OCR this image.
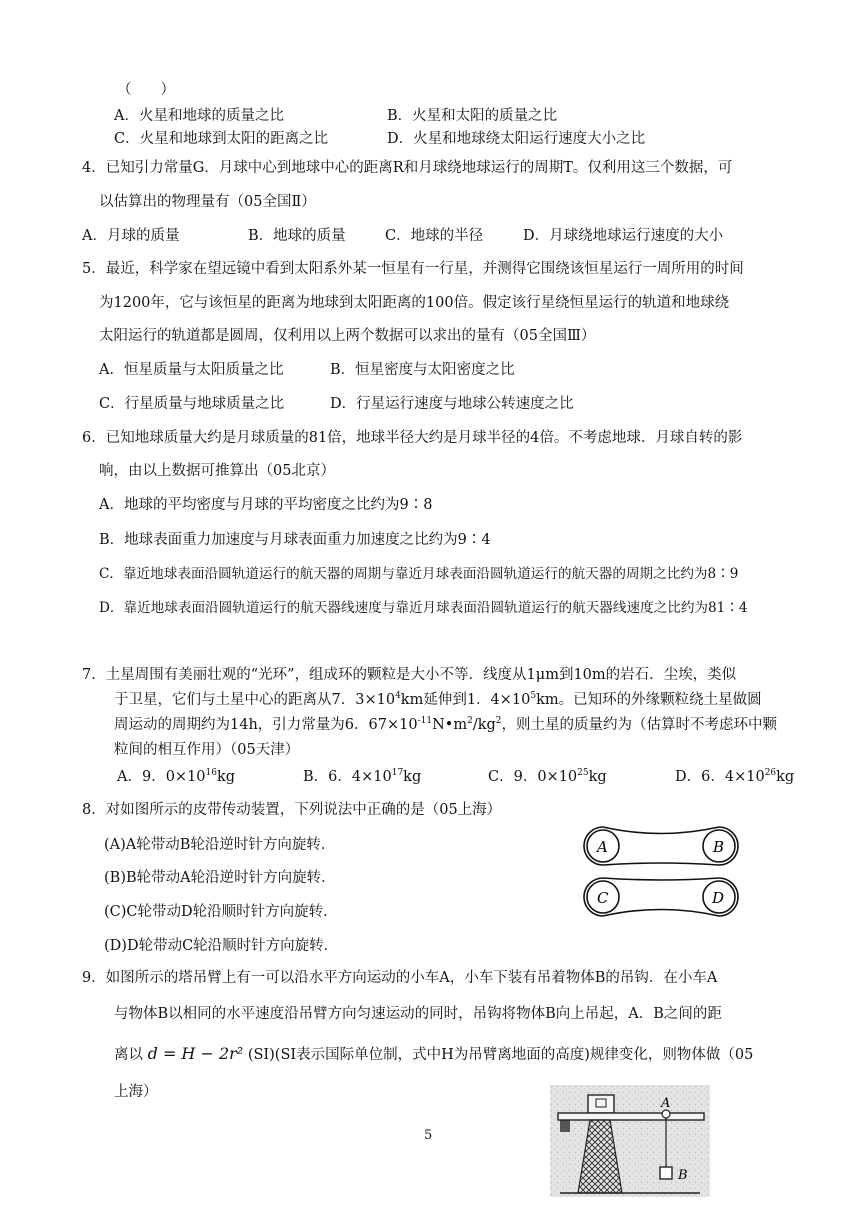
（　　）
A．火星和地球的质量之比	B．火星和太阳的质量之比
C．火星和地球到太阳的距离之比	D．火星和地球绕太阳运行速度大小之比
4．已知引力常量G．月球中心到地球中心的距离R和月球绕地球运行的周期T。仅利用这三个数据，可
以估算出的物理量有（05全国Ⅱ）
A．月球的质量	B．地球的质量	C．地球的半径	D．月球绕地球运行速度的大小
5．最近，科学家在望远镜中看到太阳系外某一恒星有一行星，并测得它围绕该恒星运行一周所用的时间
为1200年，它与该恒星的距离为地球到太阳距离的100倍。假定该行星绕恒星运行的轨道和地球绕
太阳运行的轨道都是圆周，仅利用以上两个数据可以求出的量有（05全国Ⅲ）
A．恒星质量与太阳质量之比	B．恒星密度与太阳密度之比
C．行星质量与地球质量之比	D．行星运行速度与地球公转速度之比
6．已知地球质量大约是月球质量的81倍，地球半径大约是月球半径的4倍。不考虑地球．月球自转的影
响，由以上数据可推算出（05北京）
A．地球的平均密度与月球的平均密度之比约为9∶8
B．地球表面重力加速度与月球表面重力加速度之比约为9∶4
C．靠近地球表面沿圆轨道运行的航天器的周期与靠近月球表面沿圆轨道运行的航天器的周期之比约为8∶9
D．靠近地球表面沿圆轨道运行的航天器线速度与靠近月球表面沿圆轨道运行的航天器线速度之比约为81∶4
7．土星周围有美丽壮观的“光环”，组成环的颗粒是大小不等．线度从1μm到10m的岩石．尘埃，类似
于卫星，它们与土星中心的距离从7．$3\times 10^4km$延伸到1．$4\times 10^5km$。已知环的外缘颗粒绕土星做圆
周运动的周期约为14h，引力常量为6．$67\times 10^{-11}N•m^2/kg^2$，则土星的质量约为（估算时不考虑环中颗
粒间的相互作用）（05天津）
A．9．$0\times 10^{16}kg$	B．6．$4\times 10^{17}kg$	C．9．$0\times 10^{25}kg$	D．6．$4\times 10^{26}kg$
8．对如图所示的皮带传动装置，下列说法中正确的是（05上海）
(A)A轮带动B轮沿逆时针方向旋转．
(B)B轮带动A轮沿逆时针方向旋转．
(C)C轮带动D轮沿顺时针方向旋转．
(D)D轮带动C轮沿顺时针方向旋转．
A	B
C	D
9．如图所示的塔吊臂上有一可以沿水平方向运动的小车A，小车下装有吊着物体B的吊钩．在小车A
与物体B以相同的水平速度沿吊臂方向匀速运动的同时，吊钩将物体B向上吊起，A．B之间的距
离以 d = H − 2r² (SI)(SI表示国际单位制，式中H为吊臂离地面的高度)规律变化，则物体做（05
上海）
A
B
5
